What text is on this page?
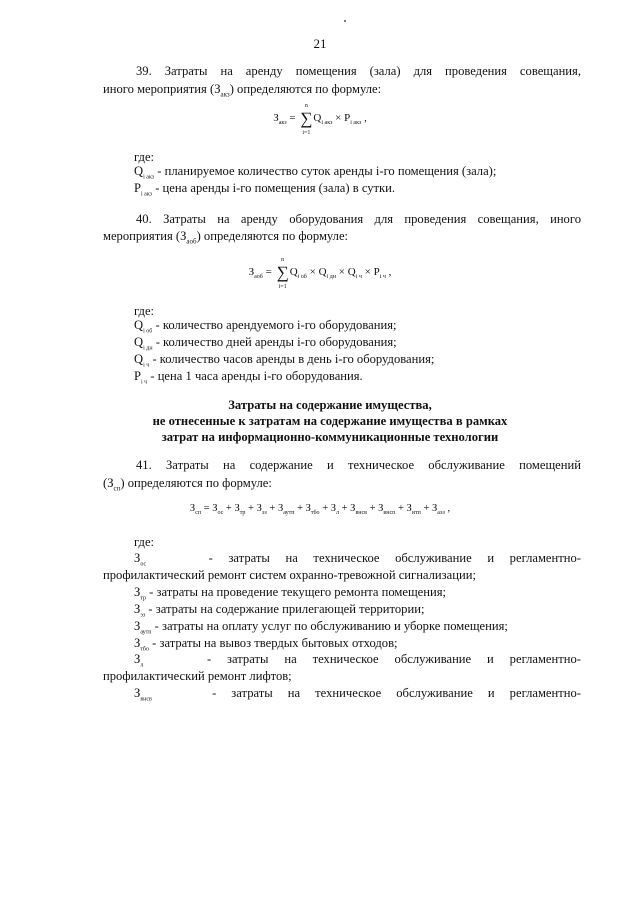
21
39. Затраты на аренду помещения (зала) для проведения совещания,
иного мероприятия $(З_{акз})$ определяются по формуле:
$З_{акз}$ = ∑
n
i=1
$Q_{i акз} \times P_{i акз}$ ,
где:
$Q_{i акз}$ - планируемое количество суток аренды i-го помещения (зала);
$P_{i акз}$ - цена аренды i-го помещения (зала) в сутки.
40. Затраты на аренду оборудования для проведения совещания, иного
мероприятия $(З_{аоб})$ определяются по формуле:
$З_{аоб}$ = ∑
n
i=1
$Q_{i об} \times Q_{i дн} \times Q_{i ч} \times P_{i ч}$ ,
где:
$Q_{i об}$ - количество арендуемого i-го оборудования;
$Q_{i дн}$ - количество дней аренды i-го оборудования;
$Q_{i ч}$ - количество часов аренды в день i-го оборудования;
$P_{i ч}$ - цена 1 часа аренды i-го оборудования.
Затраты на содержание имущества,
не отнесенные к затратам на содержание имущества в рамках
затрат на информационно-коммуникационные технологии
41. Затраты на содержание и техническое обслуживание помещений
$(З_{сп})$ определяются по формуле:
$З_{сп} = З_{ос} + З_{тр} + З_{эз} + З_{аутп} + З_{тбо} + З_л + З_{внсв} + З_{внсп} + З_{итп} + З_{аэз}$ ,
где:
$З_{ос}$	- затраты на техническое обслуживание и регламентно-
профилактический ремонт систем охранно-тревожной сигнализации;
$З_{тр}$ - затраты на проведение текущего ремонта помещения;
$З_{эз}$ - затраты на содержание прилегающей территории;
$З_{аутп}$ - затраты на оплату услуг по обслуживанию и уборке помещения;
$З_{тбо}$ - затраты на вывоз твердых бытовых отходов;
$З_л$	- затраты на техническое обслуживание и регламентно-
профилактический ремонт лифтов;
$З_{внсв}$	- затраты на техническое обслуживание и регламентно-
